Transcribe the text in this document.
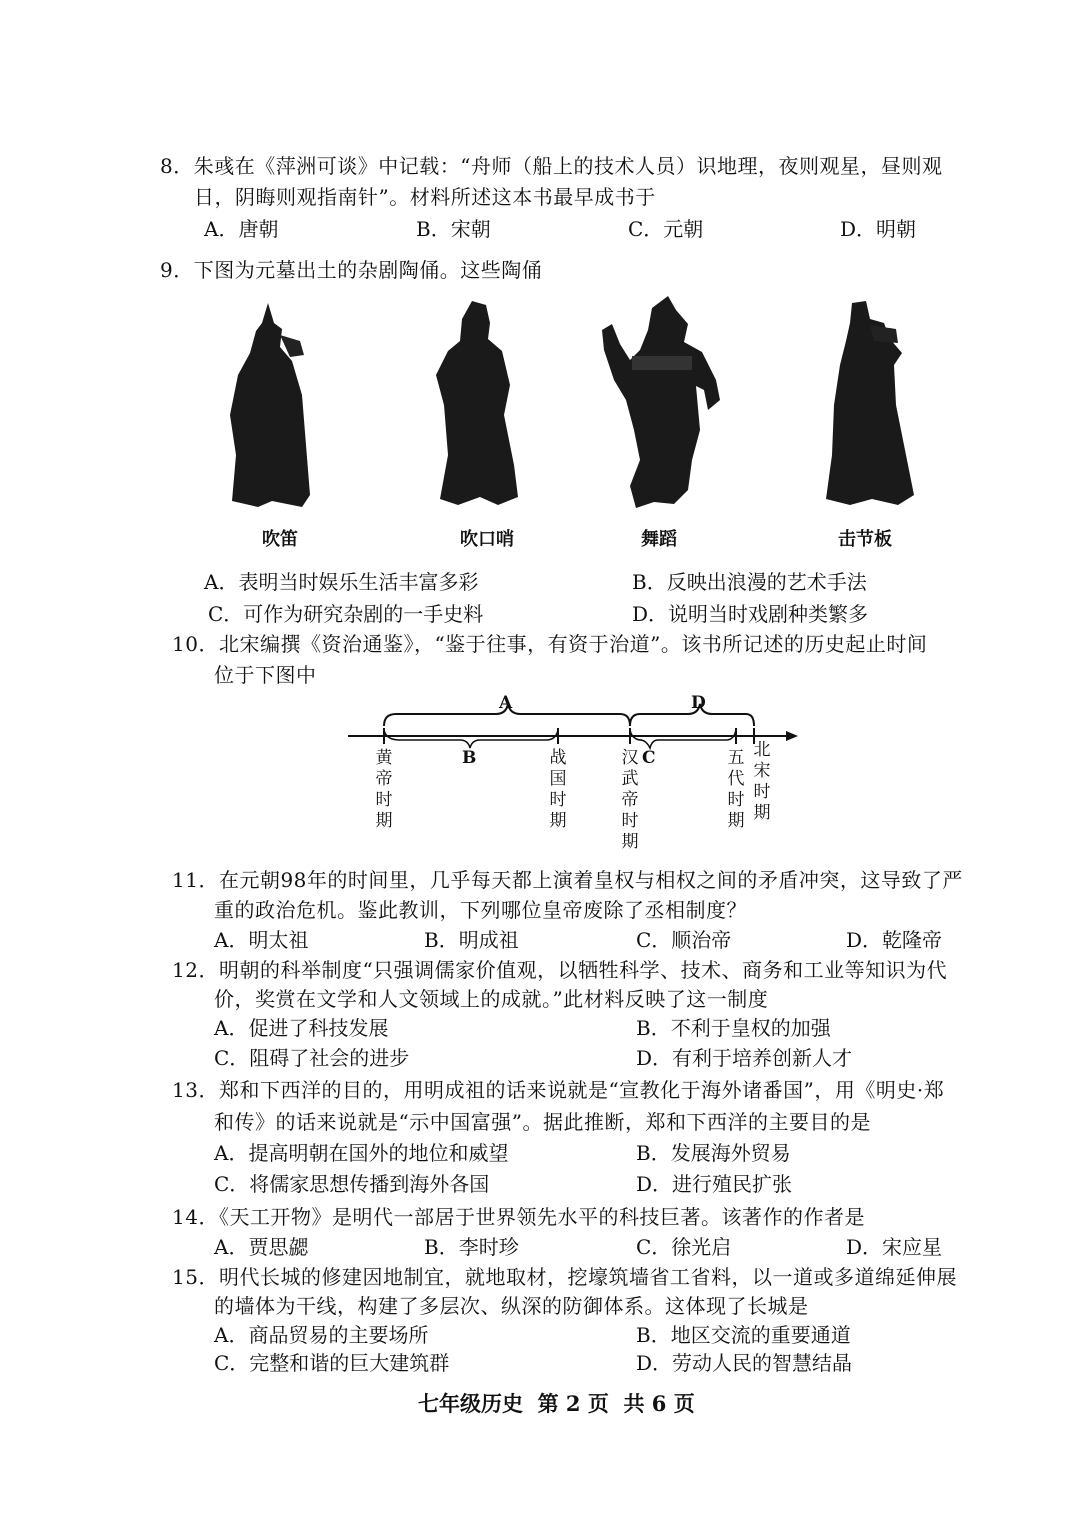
8．朱彧在《萍洲可谈》中记载：“舟师（船上的技术人员）识地理，夜则观星，昼则观
日，阴晦则观指南针”。材料所述这本书最早成书于
A．唐朝	B．宋朝	C．元朝	D．明朝
9．下图为元墓出土的杂剧陶俑。这些陶俑
吹笛	吹口哨	舞蹈	击节板
A．表明当时娱乐生活丰富多彩	B．反映出浪漫的艺术手法
C．可作为研究杂剧的一手史料	D．说明当时戏剧种类繁多
10．北宋编撰《资治通鉴》，“鉴于往事，有资于治道”。该书所记述的历史起止时间
位于下图中
A	D
B	C
黄帝时期
战国时期
汉武帝时期
五代时期
北宋时期
11．在元朝98年的时间里，几乎每天都上演着皇权与相权之间的矛盾冲突，这导致了严
重的政治危机。鉴此教训，下列哪位皇帝废除了丞相制度？
A．明太祖	B．明成祖	C．顺治帝	D．乾隆帝
12．明朝的科举制度“只强调儒家价值观，以牺牲科学、技术、商务和工业等知识为代
价，奖赏在文学和人文领域上的成就。”此材料反映了这一制度
A．促进了科技发展	B．不利于皇权的加强
C．阻碍了社会的进步	D．有利于培养创新人才
13．郑和下西洋的目的，用明成祖的话来说就是“宣教化于海外诸番国”，用《明史·郑
和传》的话来说就是“示中国富强”。据此推断，郑和下西洋的主要目的是
A．提高明朝在国外的地位和威望	B．发展海外贸易
C．将儒家思想传播到海外各国	D．进行殖民扩张
14．《天工开物》是明代一部居于世界领先水平的科技巨著。该著作的作者是
A．贾思勰	B．李时珍	C．徐光启	D．宋应星
15．明代长城的修建因地制宜，就地取材，挖壕筑墙省工省料，以一道或多道绵延伸展
的墙体为干线，构建了多层次、纵深的防御体系。这体现了长城是
A．商品贸易的主要场所	B．地区交流的重要通道
C．完整和谐的巨大建筑群	D．劳动人民的智慧结晶
七年级历史  第 2 页  共 6 页
